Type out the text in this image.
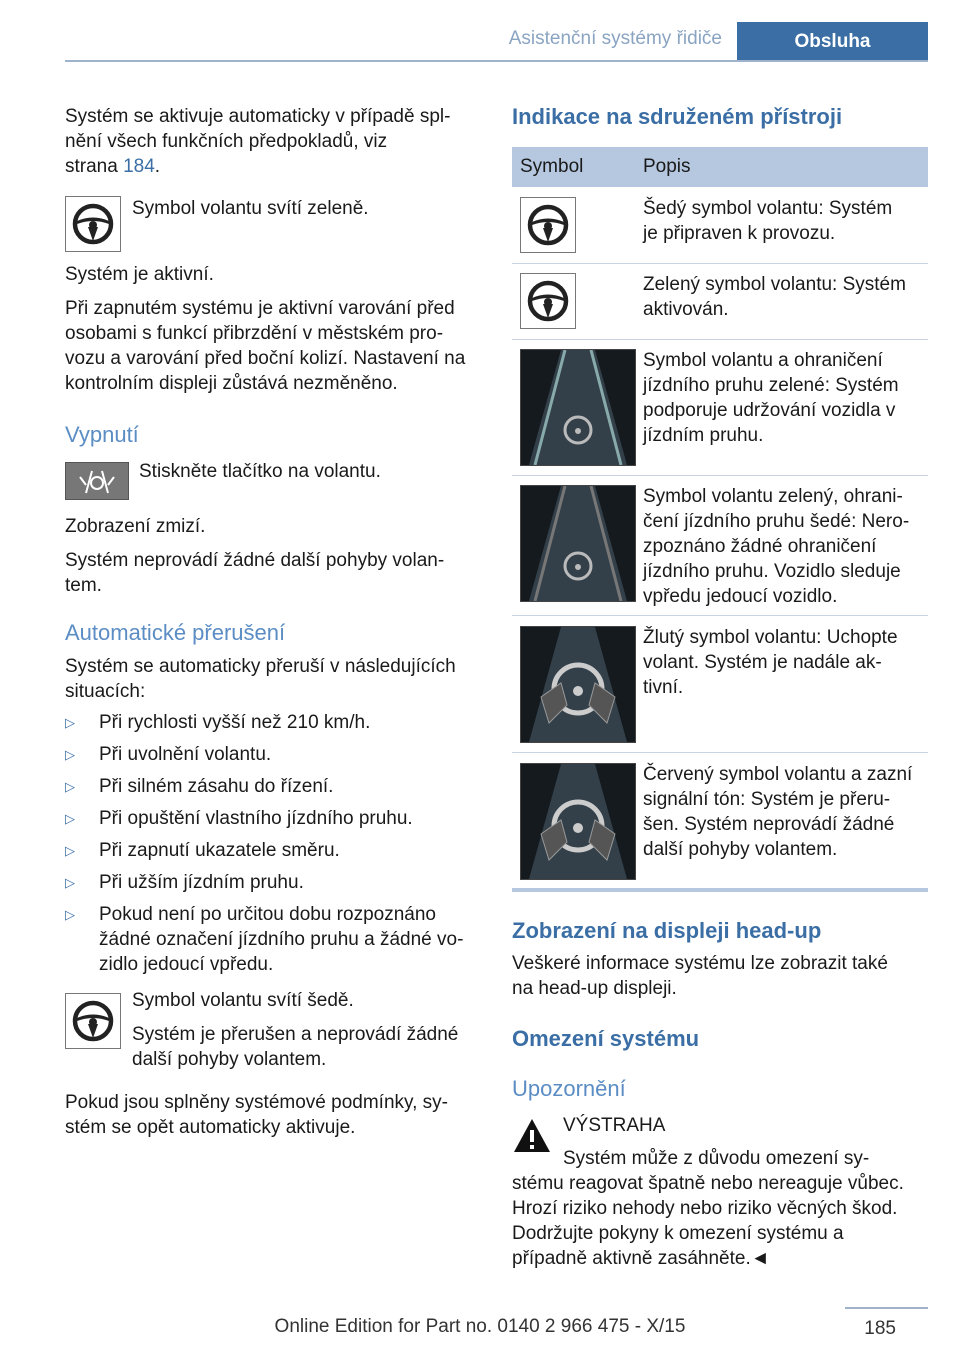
Asistenční systémy řidiče	Obsluha

Systém se aktivuje automaticky v případě spl-

nění všech funkčních předpokladů, viz

strana 184.

Symbol volantu svítí zeleně.

Systém je aktivní.

Při zapnutém systému je aktivní varování před

osobami s funkcí přibrzdění v městském pro-

vozu a varování před boční kolizí. Nastavení na

kontrolním displeji zůstává nezměněno.

Vypnutí

Stiskněte tlačítko na volantu.

Zobrazení zmizí.

Systém neprovádí žádné další pohyby volan-

tem.

Automatické přerušení

Systém se automaticky přeruší v následujících

situacích:

▷ Při rychlosti vyšší než 210 km/h.

▷ Při uvolnění volantu.

▷ Při silném zásahu do řízení.

▷ Při opuštění vlastního jízdního pruhu.

▷ Při zapnutí ukazatele směru.

▷ Při užším jízdním pruhu.

▷ Pokud není po určitou dobu rozpoznáno

žádné označení jízdního pruhu a žádné vo-

zidlo jedoucí vpředu.

Symbol volantu svítí šedě.

Systém je přerušen a neprovádí žádné

další pohyby volantem.

Pokud jsou splněny systémové podmínky, sy-

stém se opět automaticky aktivuje.

Indikace na sdruženém přístroji

Symbol	Popis

Šedý symbol volantu: Systém

je připraven k provozu.

Zelený symbol volantu: Systém

aktivován.

Symbol volantu a ohraničení

jízdního pruhu zelené: Systém

podporuje udržování vozidla v

jízdním pruhu.

Symbol volantu zelený, ohrani-

čení jízdního pruhu šedé: Nero-

zpoznáno žádné ohraničení

jízdního pruhu. Vozidlo sleduje

vpředu jedoucí vozidlo.

Žlutý symbol volantu: Uchopte

volant. Systém je nadále ak-

tivní.

Červený symbol volantu a zazní

signální tón: Systém je přeru-

šen. Systém neprovádí žádné

další pohyby volantem.

Zobrazení na displeji head-up

Veškeré informace systému lze zobrazit také

na head-up displeji.

Omezení systému

Upozornění

VÝSTRAHA

Systém může z důvodu omezení sy-

stému reagovat špatně nebo nereaguje vůbec.

Hrozí riziko nehody nebo riziko věcných škod.

Dodržujte pokyny k omezení systému a

případně aktivně zasáhněte.◄

185
Online Edition for Part no. 0140 2 966 475 - X/15
